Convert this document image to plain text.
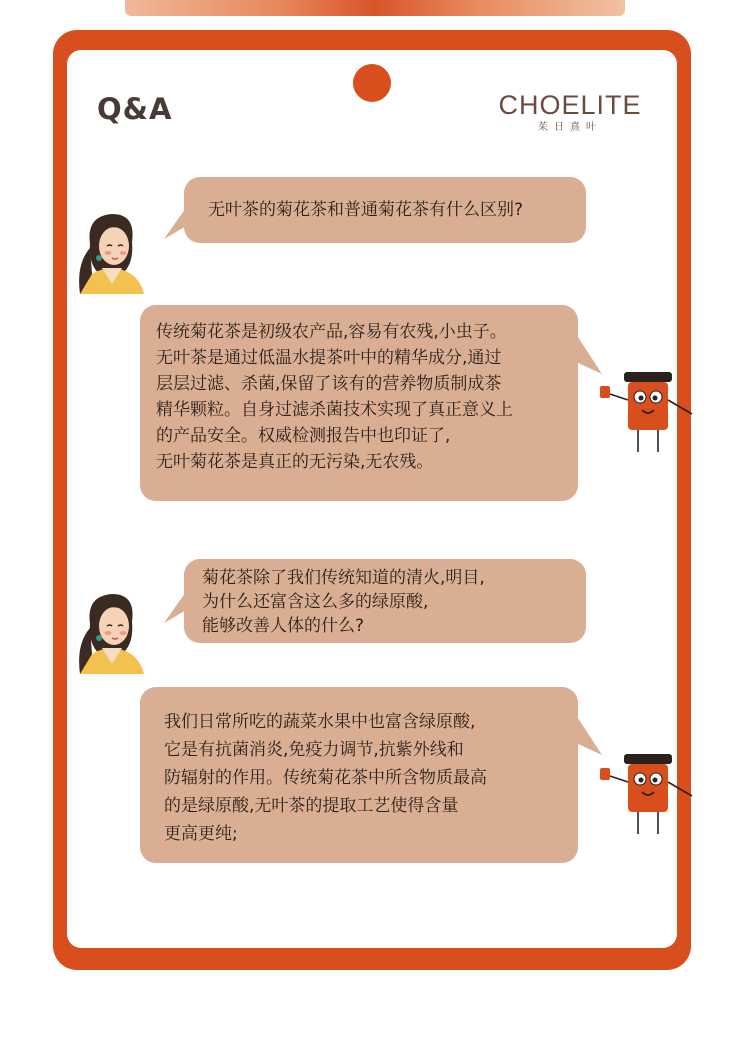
Q&A	CHOELITE
茱日熹叶
无叶茶的菊花茶和普通菊花茶有什么区别?
传统菊花茶是初级农产品,容易有农残,小虫子。
无叶茶是通过低温水提茶叶中的精华成分,通过
层层过滤、杀菌,保留了该有的营养物质制成茶
精华颗粒。自身过滤杀菌技术实现了真正意义上
的产品安全。权威检测报告中也印证了,
无叶菊花茶是真正的无污染,无农残。
菊花茶除了我们传统知道的清火,明目,
为什么还富含这么多的绿原酸,
能够改善人体的什么?
我们日常所吃的蔬菜水果中也富含绿原酸,
它是有抗菌消炎,免疫力调节,抗紫外线和
防辐射的作用。传统菊花茶中所含物质最高
的是绿原酸,无叶茶的提取工艺使得含量
更高更纯;
